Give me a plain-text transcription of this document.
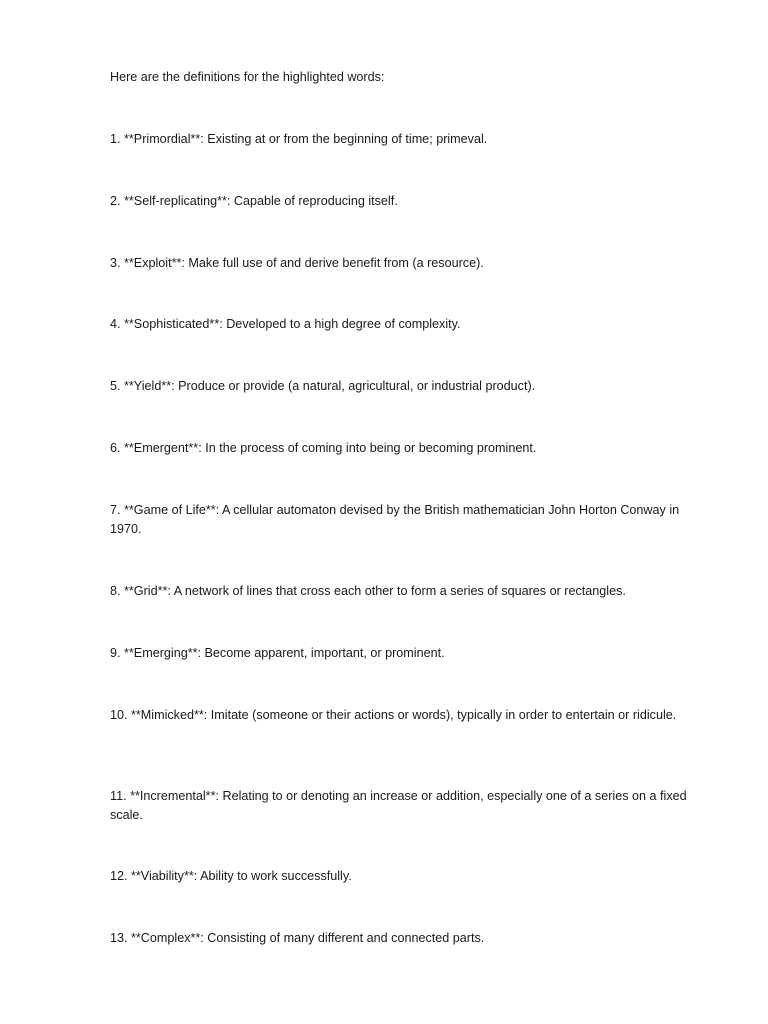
Here are the definitions for the highlighted words:

1. **Primordial**: Existing at or from the beginning of time; primeval.

2. **Self-replicating**: Capable of reproducing itself.

3. **Exploit**: Make full use of and derive benefit from (a resource).

4. **Sophisticated**: Developed to a high degree of complexity.

5. **Yield**: Produce or provide (a natural, agricultural, or industrial product).

6. **Emergent**: In the process of coming into being or becoming prominent.

7. **Game of Life**: A cellular automaton devised by the British mathematician John Horton Conway in 1970.

8. **Grid**: A network of lines that cross each other to form a series of squares or rectangles.

9. **Emerging**: Become apparent, important, or prominent.

10. **Mimicked**: Imitate (someone or their actions or words), typically in order to entertain or ridicule.

11. **Incremental**: Relating to or denoting an increase or addition, especially one of a series on a fixed scale.

12. **Viability**: Ability to work successfully.

13. **Complex**: Consisting of many different and connected parts.
